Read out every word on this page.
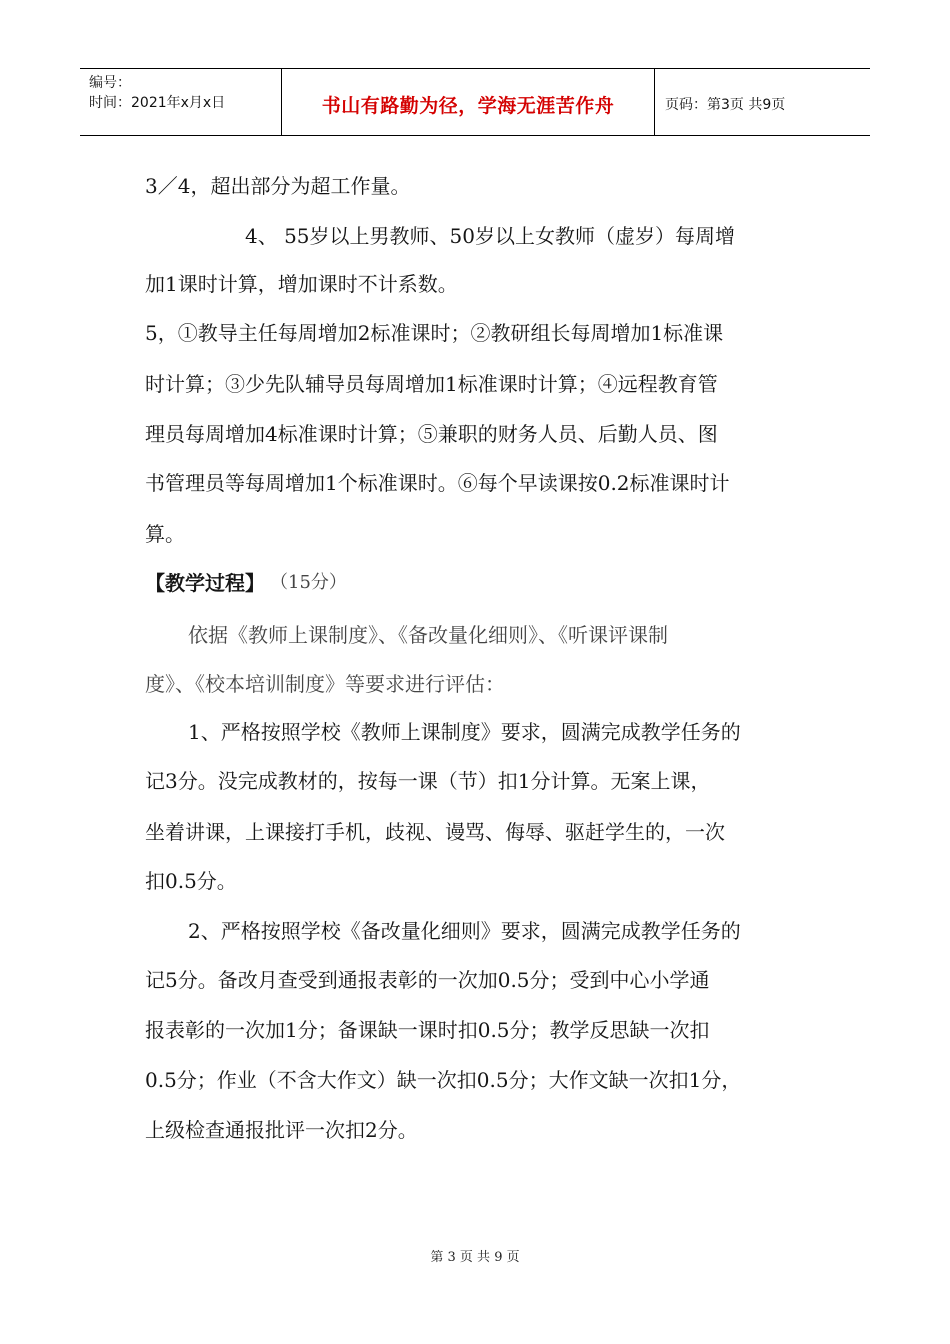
编号：
时间：2021年x月x日	书山有路勤为径，学海无涯苦作舟	页码：第3页 共9页
3／4，超出部分为超工作量。
4、 55岁以上男教师、50岁以上女教师（虚岁）每周增
加1课时计算，增加课时不计系数。
5，①教导主任每周增加2标准课时；②教研组长每周增加1标准课
时计算；③少先队辅导员每周增加1标准课时计算；④远程教育管
理员每周增加4标准课时计算；⑤兼职的财务人员、后勤人员、图
书管理员等每周增加1个标准课时。⑥每个早读课按0.2标准课时计
算。
【教学过程】 （15分）
依据《教师上课制度》、《备改量化细则》、《听课评课制
度》、《校本培训制度》等要求进行评估：
1、严格按照学校《教师上课制度》要求，圆满完成教学任务的
记3分。没完成教材的，按每一课（节）扣1分计算。无案上课，
坐着讲课，上课接打手机，歧视、谩骂、侮辱、驱赶学生的，一次
扣0.5分。
2、严格按照学校《备改量化细则》要求，圆满完成教学任务的
记5分。备改月查受到通报表彰的一次加0.5分；受到中心小学通
报表彰的一次加1分；备课缺一课时扣0.5分；教学反思缺一次扣
0.5分；作业（不含大作文）缺一次扣0.5分；大作文缺一次扣1分，
上级检查通报批评一次扣2分。
第 3 页 共 9 页
